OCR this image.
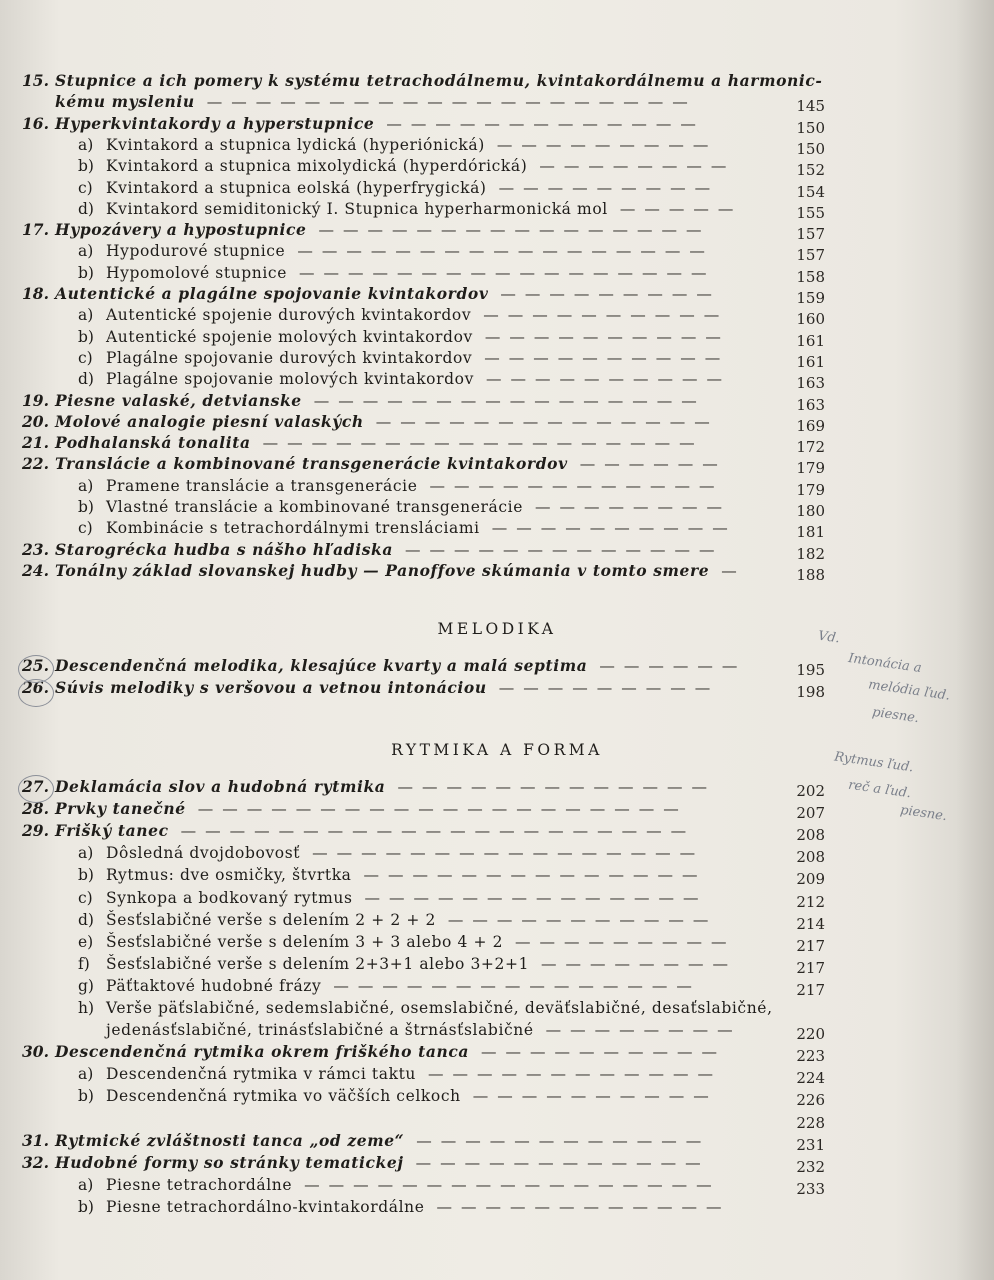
15. Stupnice a ich pomery k systému tetrachodálnemu, kvintakordálnemu a harmonic-
kému mysleniu ————————————————————	145
16. Hyperkvintakordy a hyperstupnice —————————————	150
a) Kvintakord a stupnica lydická (hyperiónická) —————————	150
b) Kvintakord a stupnica mixolydická (hyperdórická) ————————	152
c) Kvintakord a stupnica eolská (hyperfrygická) —————————	154
d) Kvintakord semiditonický I. Stupnica hyperharmonická mol —————	155
17. Hypozávery a hypostupnice ————————————————	157
a) Hypodurové stupnice —————————————————	157
b) Hypomolové stupnice —————————————————	158
18. Autentické a plagálne spojovanie kvintakordov —————————	159
a) Autentické spojenie durových kvintakordov ——————————	160
b) Autentické spojenie molových kvintakordov ——————————	161
c) Plagálne spojovanie durových kvintakordov ——————————	161
d) Plagálne spojovanie molových kvintakordov ——————————	163
19. Piesne valaské, detvianske ————————————————	163
20. Molové analogie piesní valaských ——————————————	169
21. Podhalanská tonalita ——————————————————	172
22. Translácie a kombinované transgenerácie kvintakordov ——————	179
a) Pramene translácie a transgenerácie ————————————	179
b) Vlastné translácie a kombinované transgenerácie ————————	180
c) Kombinácie s tetrachordálnymi trensláciami ——————————	181
23. Starogrécka hudba s nášho hľadiska —————————————	182
24. Tonálny základ slovanskej hudby — Panoffove skúmania v tomto smere —	188
25. Descendenčná melodika, klesajúce kvarty a malá septima ——————	195
26. Súvis melodiky s veršovou a vetnou intonáciou —————————	198
27. Deklamácia slov a hudobná rytmika —————————————	202
28. Prvky tanečné ————————————————————	207
29. Frišký tanec —————————————————————	208
a) Dôsledná dvojdobovosť ————————————————	208
b) Rytmus: dve osmičky, štvrtka ——————————————	209
c) Synkopa a bodkovaný rytmus ——————————————	212
d) Šesťslabičné verše s delením 2 + 2 + 2 ———————————	214
e) Šesťslabičné verše s delením 3 + 3 alebo 4 + 2 —————————	217
f) Šesťslabičné verše s delením 2+3+1 alebo 3+2+1 ————————	217
g) Päťtaktové hudobné frázy ———————————————	217
h) Verše päťslabičné, sedemslabičné, osemslabičné, deväťslabičné, desaťslabičné,
jedenásťslabičné, trinásťslabičné a štrnásťslabičné ————————	220
30. Descendenčná rytmika okrem friškého tanca ——————————	223
a) Descendenčná rytmika v rámci taktu ————————————	224
b) Descendenčná rytmika vo väčších celkoch ——————————	226
228
31. Rytmické zvláštnosti tanca „od zeme“ ————————————	231
32. Hudobné formy so stránky tematickej ————————————	232
a) Piesne tetrachordálne —————————————————	233
b) Piesne tetrachordálno-kvintakordálne ————————————
MELODIKA
RYTMIKA A FORMA
Vd.
Intonácia a
melódia ľud.
piesne.
Rytmus ľud.
reč a ľud.
piesne.
